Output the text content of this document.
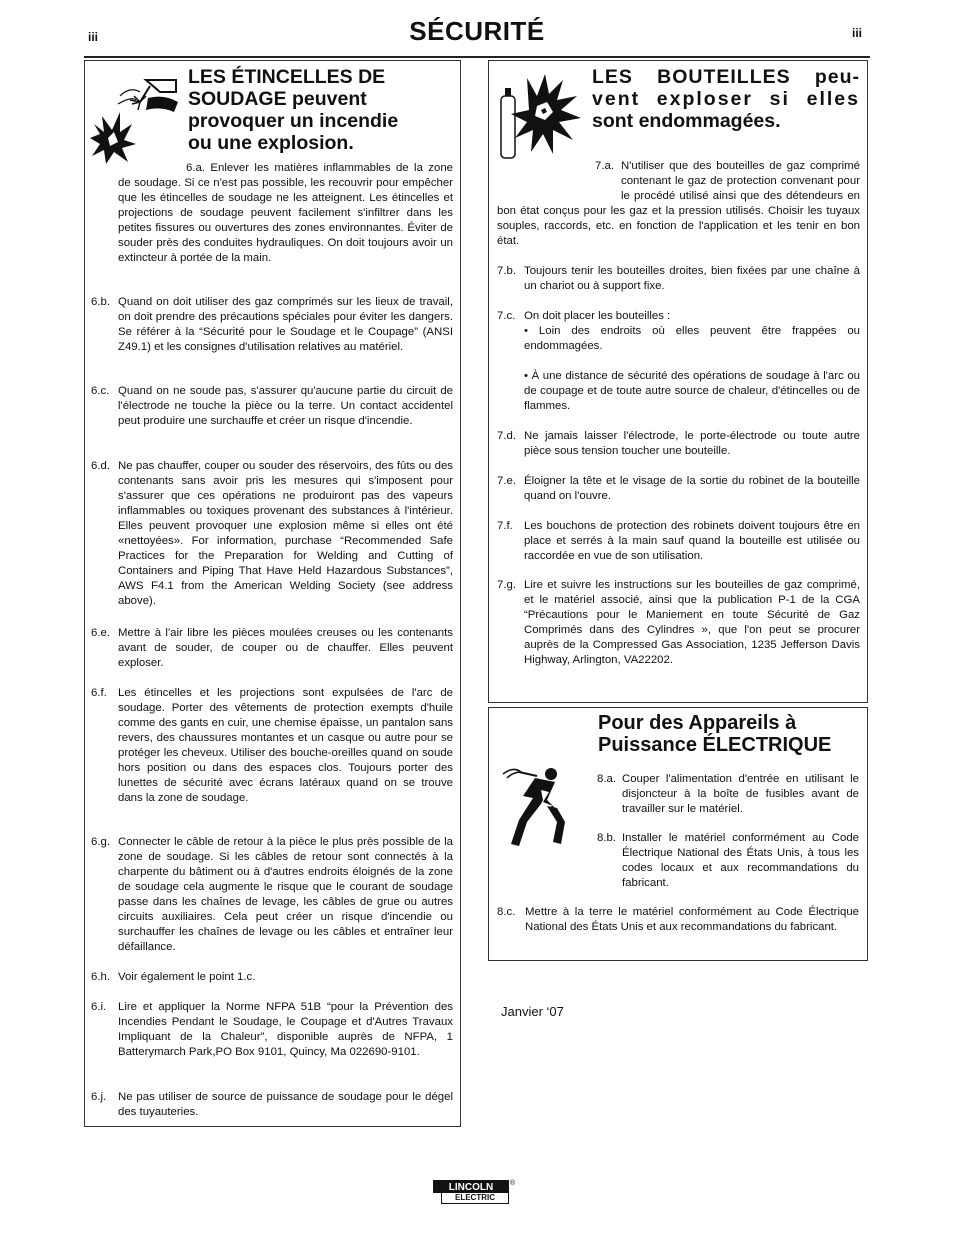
iii	iii
SÉCURITÉ
LES ÉTINCELLES DE
SOUDAGE peuvent
provoquer un incendie
ou une explosion.
6.a. Enlever les matières inflammables de la zone de soudage. Si ce n'est pas possible, les recouvrir pour empêcher que les étincelles de soudage ne les atteignent. Les étincelles et projections de soudage peuvent facilement s'infiltrer dans les petites fissures ou ouvertures des zones environnantes. Éviter de souder près des conduites hydrauliques. On doit toujours avoir un extincteur à portée de la main.
6.b. Quand on doit utiliser des gaz comprimés sur les lieux de travail, on doit prendre des précautions spéciales pour éviter les dangers. Se référer à la “Sécurité pour le Soudage et le Coupage” (ANSI Z49.1) et les consignes d'utilisation relatives au matériel.
6.c. Quand on ne soude pas, s'assurer qu'aucune partie du circuit de l'électrode ne touche la pièce ou la terre. Un contact accidentel peut produire une surchauffe et créer un risque d'incendie.
6.d. Ne pas chauffer, couper ou souder des réservoirs, des fûts ou des contenants sans avoir pris les mesures qui s'imposent pour s'assurer que ces opérations ne produiront pas des vapeurs inflammables ou toxiques provenant des substances à l'intérieur. Elles peuvent provoquer une explosion même si elles ont été «nettoyées». For information, purchase “Recommended Safe Practices for the Preparation for Welding and Cutting of Containers and Piping That Have Held Hazardous Substances”, AWS F4.1 from the American Welding Society (see address above).
6.e. Mettre à l'air libre les pièces moulées creuses ou les contenants avant de souder, de couper ou de chauffer. Elles peuvent exploser.
6.f. Les étincelles et les projections sont expulsées de l'arc de soudage. Porter des vêtements de protection exempts d'huile comme des gants en cuir, une chemise épaisse, un pantalon sans revers, des chaussures montantes et un casque ou autre pour se protéger les cheveux. Utiliser des bouche-oreilles quand on soude hors position ou dans des espaces clos. Toujours porter des lunettes de sécurité avec écrans latéraux quand on se trouve dans la zone de soudage.
6.g. Connecter le câble de retour à la pièce le plus près possible de la zone de soudage. Si les câbles de retour sont connectés à la charpente du bâtiment ou à d'autres endroits éloignés de la zone de soudage cela augmente le risque que le courant de soudage passe dans les chaînes de levage, les câbles de grue ou autres circuits auxiliaires. Cela peut créer un risque d'incendie ou surchauffer les chaînes de levage ou les câbles et entraîner leur défaillance.
6.h. Voir également le point 1.c.
6.i.	Lire et appliquer la Norme NFPA 51B “pour la Prévention des Incendies Pendant le Soudage, le Coupage et d'Autres Travaux Impliquant de la Chaleur”, disponible auprès de NFPA, 1 Batterymarch Park,PO Box 9101, Quincy, Ma 022690-9101.
6.j.	Ne pas utiliser de source de puissance de soudage pour le dégel des tuyauteries.
LES BOUTEILLES peu-
vent exploser si elles
sont endommagées.
7.a. N'utiliser que des bouteilles de gaz comprimé contenant le gaz de protection convenant pour le procédé utilisé ainsi que des détendeurs en bon état conçus pour les gaz et la pression utilisés. Choisir les tuyaux souples, raccords, etc. en fonction de l'application et les tenir en bon état.
7.b. Toujours tenir les bouteilles droites, bien fixées par une chaîne à un chariot ou à support fixe.
7.c. On doit placer les bouteilles :
• Loin des endroits où elles peuvent être frappées ou endommagées.
• À une distance de sécurité des opérations de soudage à l'arc ou de coupage et de toute autre source de chaleur, d'étincelles ou de flammes.
7.d. Ne jamais laisser l'électrode, le porte-électrode ou toute autre pièce sous tension toucher une bouteille.
7.e. Éloigner la tête et le visage de la sortie du robinet de la bouteille quand on l'ouvre.
7.f. Les bouchons de protection des robinets doivent toujours être en place et serrés à la main sauf quand la bouteille est utilisée ou raccordée en vue de son utilisation.
7.g. Lire et suivre les instructions sur les bouteilles de gaz comprimé, et le matériel associé, ainsi que la publication P-1 de la CGA “Précautions pour le Maniement en toute Sécurité de Gaz Comprimés dans des Cylindres », que l'on peut se procurer auprès de la Compressed Gas Association, 1235 Jefferson Davis Highway, Arlington, VA22202.
Pour des Appareils à
Puissance ÉLECTRIQUE
8.a. Couper l'alimentation d'entrée en utilisant le disjoncteur à la boîte de fusibles avant de travailler sur le matériel.
8.b. Installer le matériel conformément au Code Électrique National des États Unis, à tous les codes locaux et aux recommandations du fabricant.
8.c. Mettre à la terre le matériel conformément au Code Électrique National des États Unis et aux recommandations du fabricant.
Janvier ‘07
LINCOLN
ELECTRIC
®
